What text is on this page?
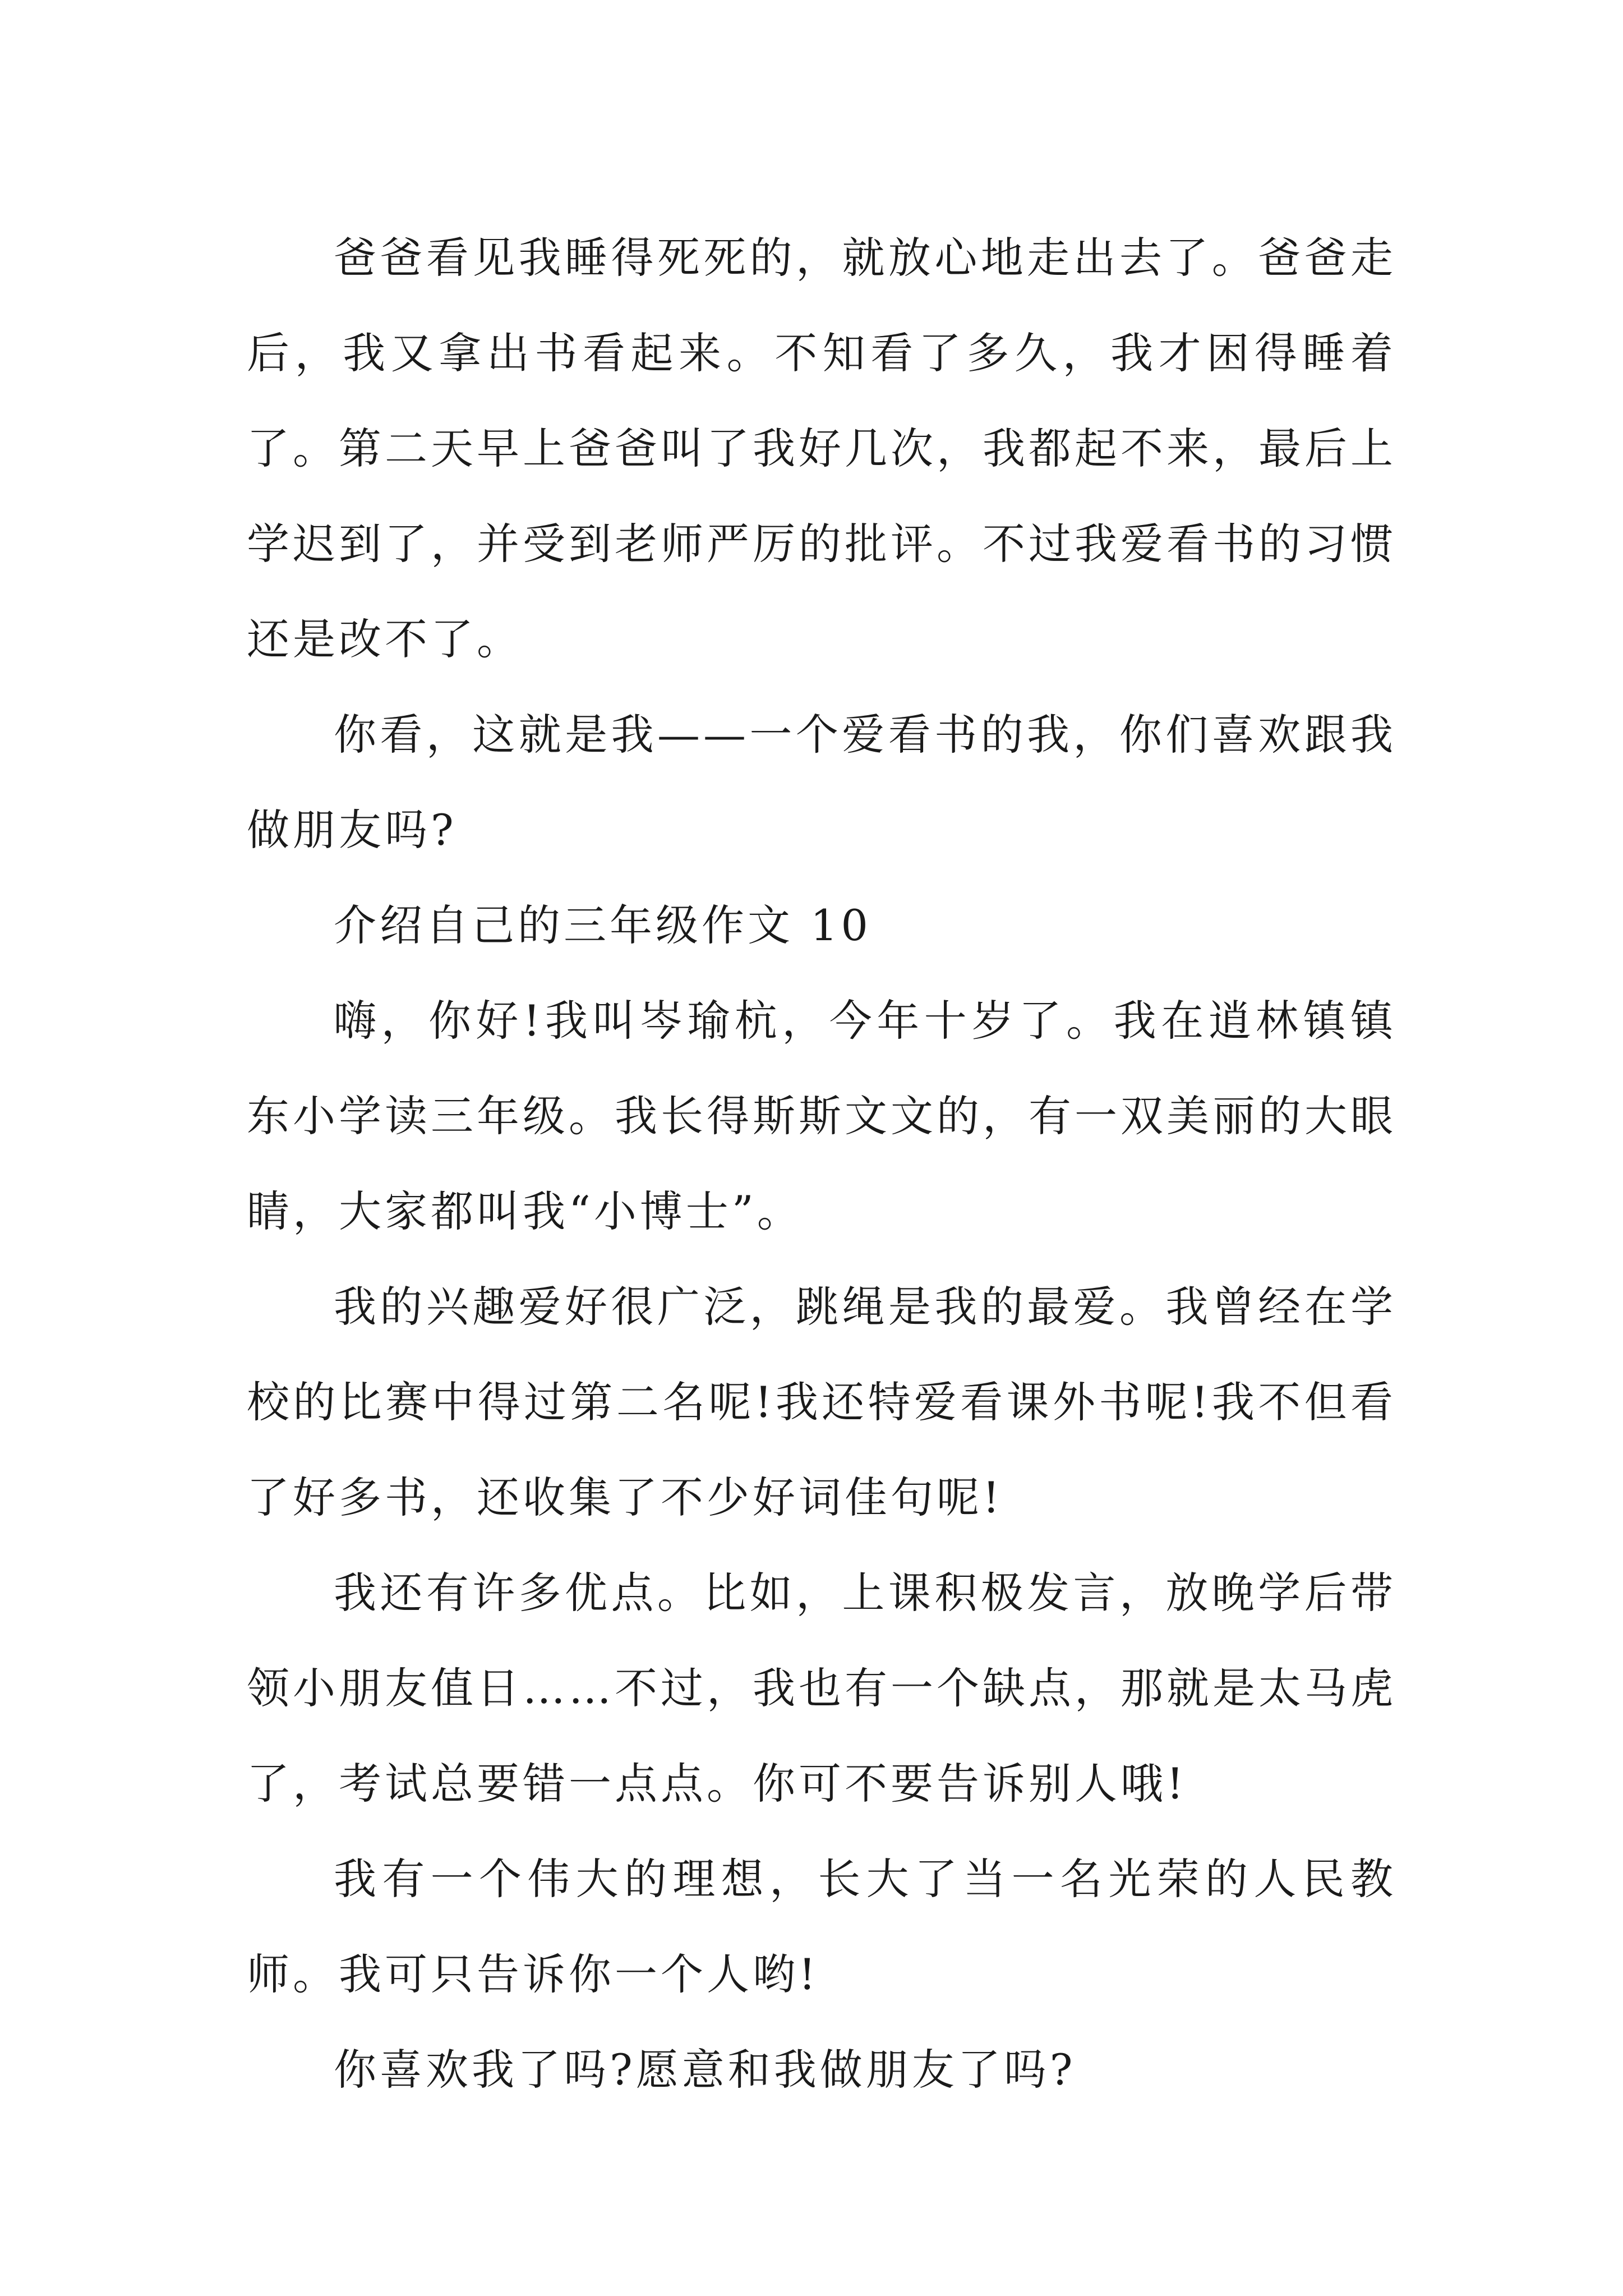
爸爸看见我睡得死死的，就放心地走出去了。爸爸走后，我又拿出书看起来。不知看了多久，我才困得睡着了。第二天早上爸爸叫了我好几次，我都起不来，最后上学迟到了，并受到老师严厉的批评。不过我爱看书的习惯还是改不了。

你看，这就是我——一个爱看书的我，你们喜欢跟我做朋友吗?

介绍自己的三年级作文 10

嗨，你好!我叫岑瑜杭，今年十岁了。我在逍林镇镇东小学读三年级。我长得斯斯文文的，有一双美丽的大眼睛，大家都叫我“小博士”。

我的兴趣爱好很广泛，跳绳是我的最爱。我曾经在学校的比赛中得过第二名呢!我还特爱看课外书呢!我不但看了好多书，还收集了不少好词佳句呢!

我还有许多优点。比如，上课积极发言，放晚学后带领小朋友值日……不过，我也有一个缺点，那就是太马虎了，考试总要错一点点。你可不要告诉别人哦!

我有一个伟大的理想，长大了当一名光荣的人民教师。我可只告诉你一个人哟!

你喜欢我了吗?愿意和我做朋友了吗?
